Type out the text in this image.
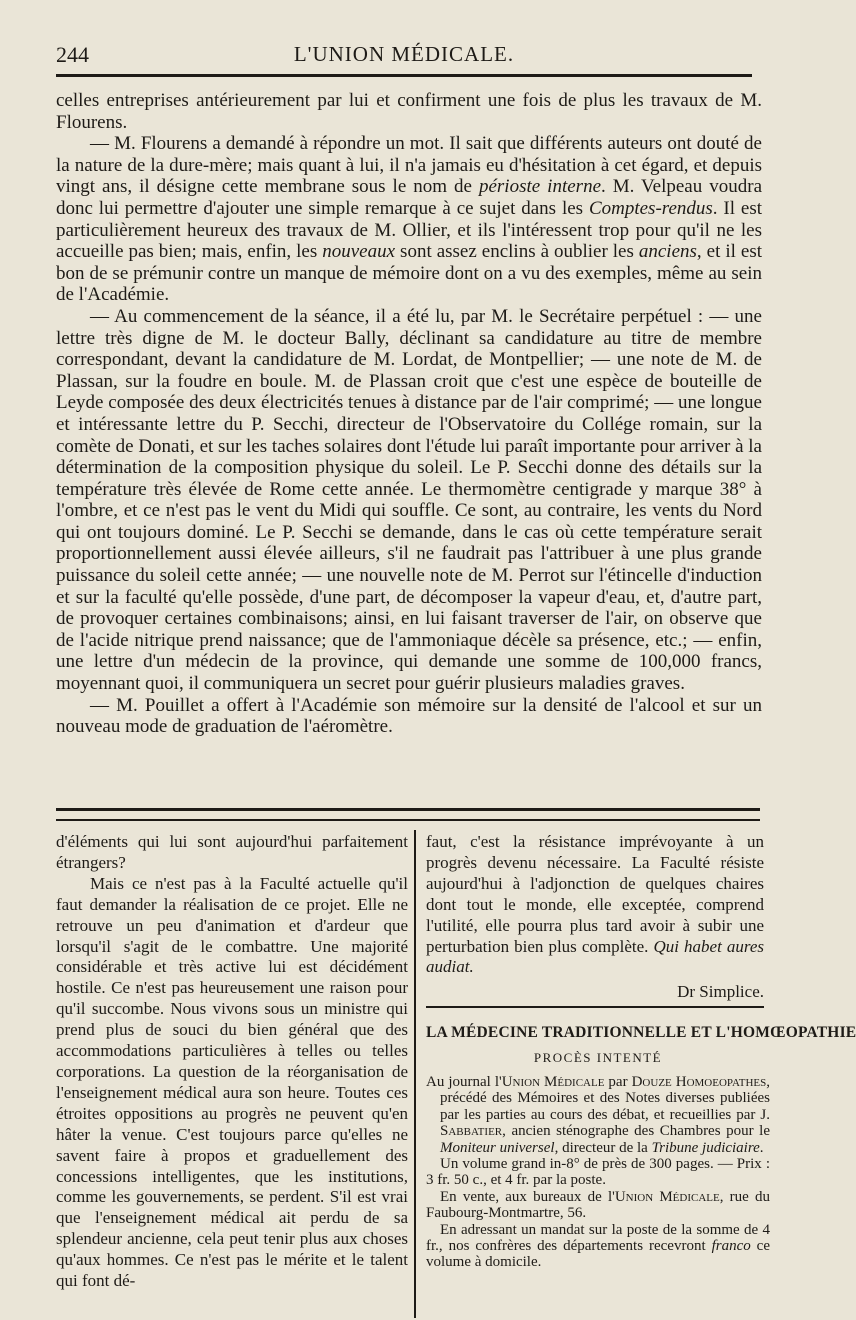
244	L'UNION MÉDICALE.

celles entreprises antérieurement par lui et confirment une fois de plus les travaux de M. Flourens.

— M. Flourens a demandé à répondre un mot. Il sait que différents auteurs ont douté de la nature de la dure-mère; mais quant à lui, il n'a jamais eu d'hésitation à cet égard, et depuis vingt ans, il désigne cette membrane sous le nom de périoste interne. M. Velpeau voudra donc lui permettre d'ajouter une simple remarque à ce sujet dans les Comptes-rendus. Il est particulièrement heureux des travaux de M. Ollier, et ils l'intéressent trop pour qu'il ne les accueille pas bien; mais, enfin, les nouveaux sont assez enclins à oublier les anciens, et il est bon de se prémunir contre un manque de mémoire dont on a vu des exemples, même au sein de l'Académie.

— Au commencement de la séance, il a été lu, par M. le Secrétaire perpétuel : — une lettre très digne de M. le docteur Bally, déclinant sa candidature au titre de membre correspondant, devant la candidature de M. Lordat, de Montpellier; — une note de M. de Plassan, sur la foudre en boule. M. de Plassan croit que c'est une espèce de bouteille de Leyde composée des deux électricités tenues à distance par de l'air comprimé; — une longue et intéressante lettre du P. Secchi, directeur de l'Observatoire du Collége romain, sur la comète de Donati, et sur les taches solaires dont l'étude lui paraît importante pour arriver à la détermination de la composition physique du soleil. Le P. Secchi donne des détails sur la température très élevée de Rome cette année. Le thermomètre centigrade y marque 38° à l'ombre, et ce n'est pas le vent du Midi qui souffle. Ce sont, au contraire, les vents du Nord qui ont toujours dominé. Le P. Secchi se demande, dans le cas où cette température serait proportionnellement aussi élevée ailleurs, s'il ne faudrait pas l'attribuer à une plus grande puissance du soleil cette année; — une nouvelle note de M. Perrot sur l'étincelle d'induction et sur la faculté qu'elle possède, d'une part, de décomposer la vapeur d'eau, et, d'autre part, de provoquer certaines combinaisons; ainsi, en lui faisant traverser de l'air, on observe que de l'acide nitrique prend naissance; que de l'ammoniaque décèle sa présence, etc.; — enfin, une lettre d'un médecin de la province, qui demande une somme de 100,000 francs, moyennant quoi, il communiquera un secret pour guérir plusieurs maladies graves.

— M. Pouillet a offert à l'Académie son mémoire sur la densité de l'alcool et sur un nouveau mode de graduation de l'aéromètre.

d'éléments qui lui sont aujourd'hui parfaitement étrangers?

Mais ce n'est pas à la Faculté actuelle qu'il faut demander la réalisation de ce projet. Elle ne retrouve un peu d'animation et d'ardeur que lorsqu'il s'agit de le combattre. Une majorité considérable et très active lui est décidément hostile. Ce n'est pas heureusement une raison pour qu'il succombe. Nous vivons sous un ministre qui prend plus de souci du bien général que des accommodations particulières à telles ou telles corporations. La question de la réorganisation de l'enseignement médical aura son heure. Toutes ces étroites oppositions au progrès ne peuvent qu'en hâter la venue. C'est toujours parce qu'elles ne savent faire à propos et graduellement des concessions intelligentes, que les institutions, comme les gouvernements, se perdent. S'il est vrai que l'enseignement médical ait perdu de sa splendeur ancienne, cela peut tenir plus aux choses qu'aux hommes. Ce n'est pas le mérite et le talent qui font dé-

faut, c'est la résistance imprévoyante à un progrès devenu nécessaire. La Faculté résiste aujourd'hui à l'adjonction de quelques chaires dont tout le monde, elle exceptée, comprend l'utilité, elle pourra plus tard avoir à subir une perturbation bien plus complète. Qui habet aures audiat.

Dr Simplice.

LA MÉDECINE TRADITIONNELLE ET L'HOMŒOPATHIE
PROCÈS INTENTÉ

Au journal l'Union Médicale par Douze Homoeopathes, précédé des Mémoires et des Notes diverses publiées par les parties au cours des débat, et recueillies par J. Sabbatier, ancien sténographe des Chambres pour le Moniteur universel, directeur de la Tribune judiciaire.

Un volume grand in-8° de près de 300 pages. — Prix : 3 fr. 50 c., et 4 fr. par la poste.

En vente, aux bureaux de l'Union Médicale, rue du Faubourg-Montmartre, 56.

En adressant un mandat sur la poste de la somme de 4 fr., nos confrères des départements recevront franco ce volume à domicile.
